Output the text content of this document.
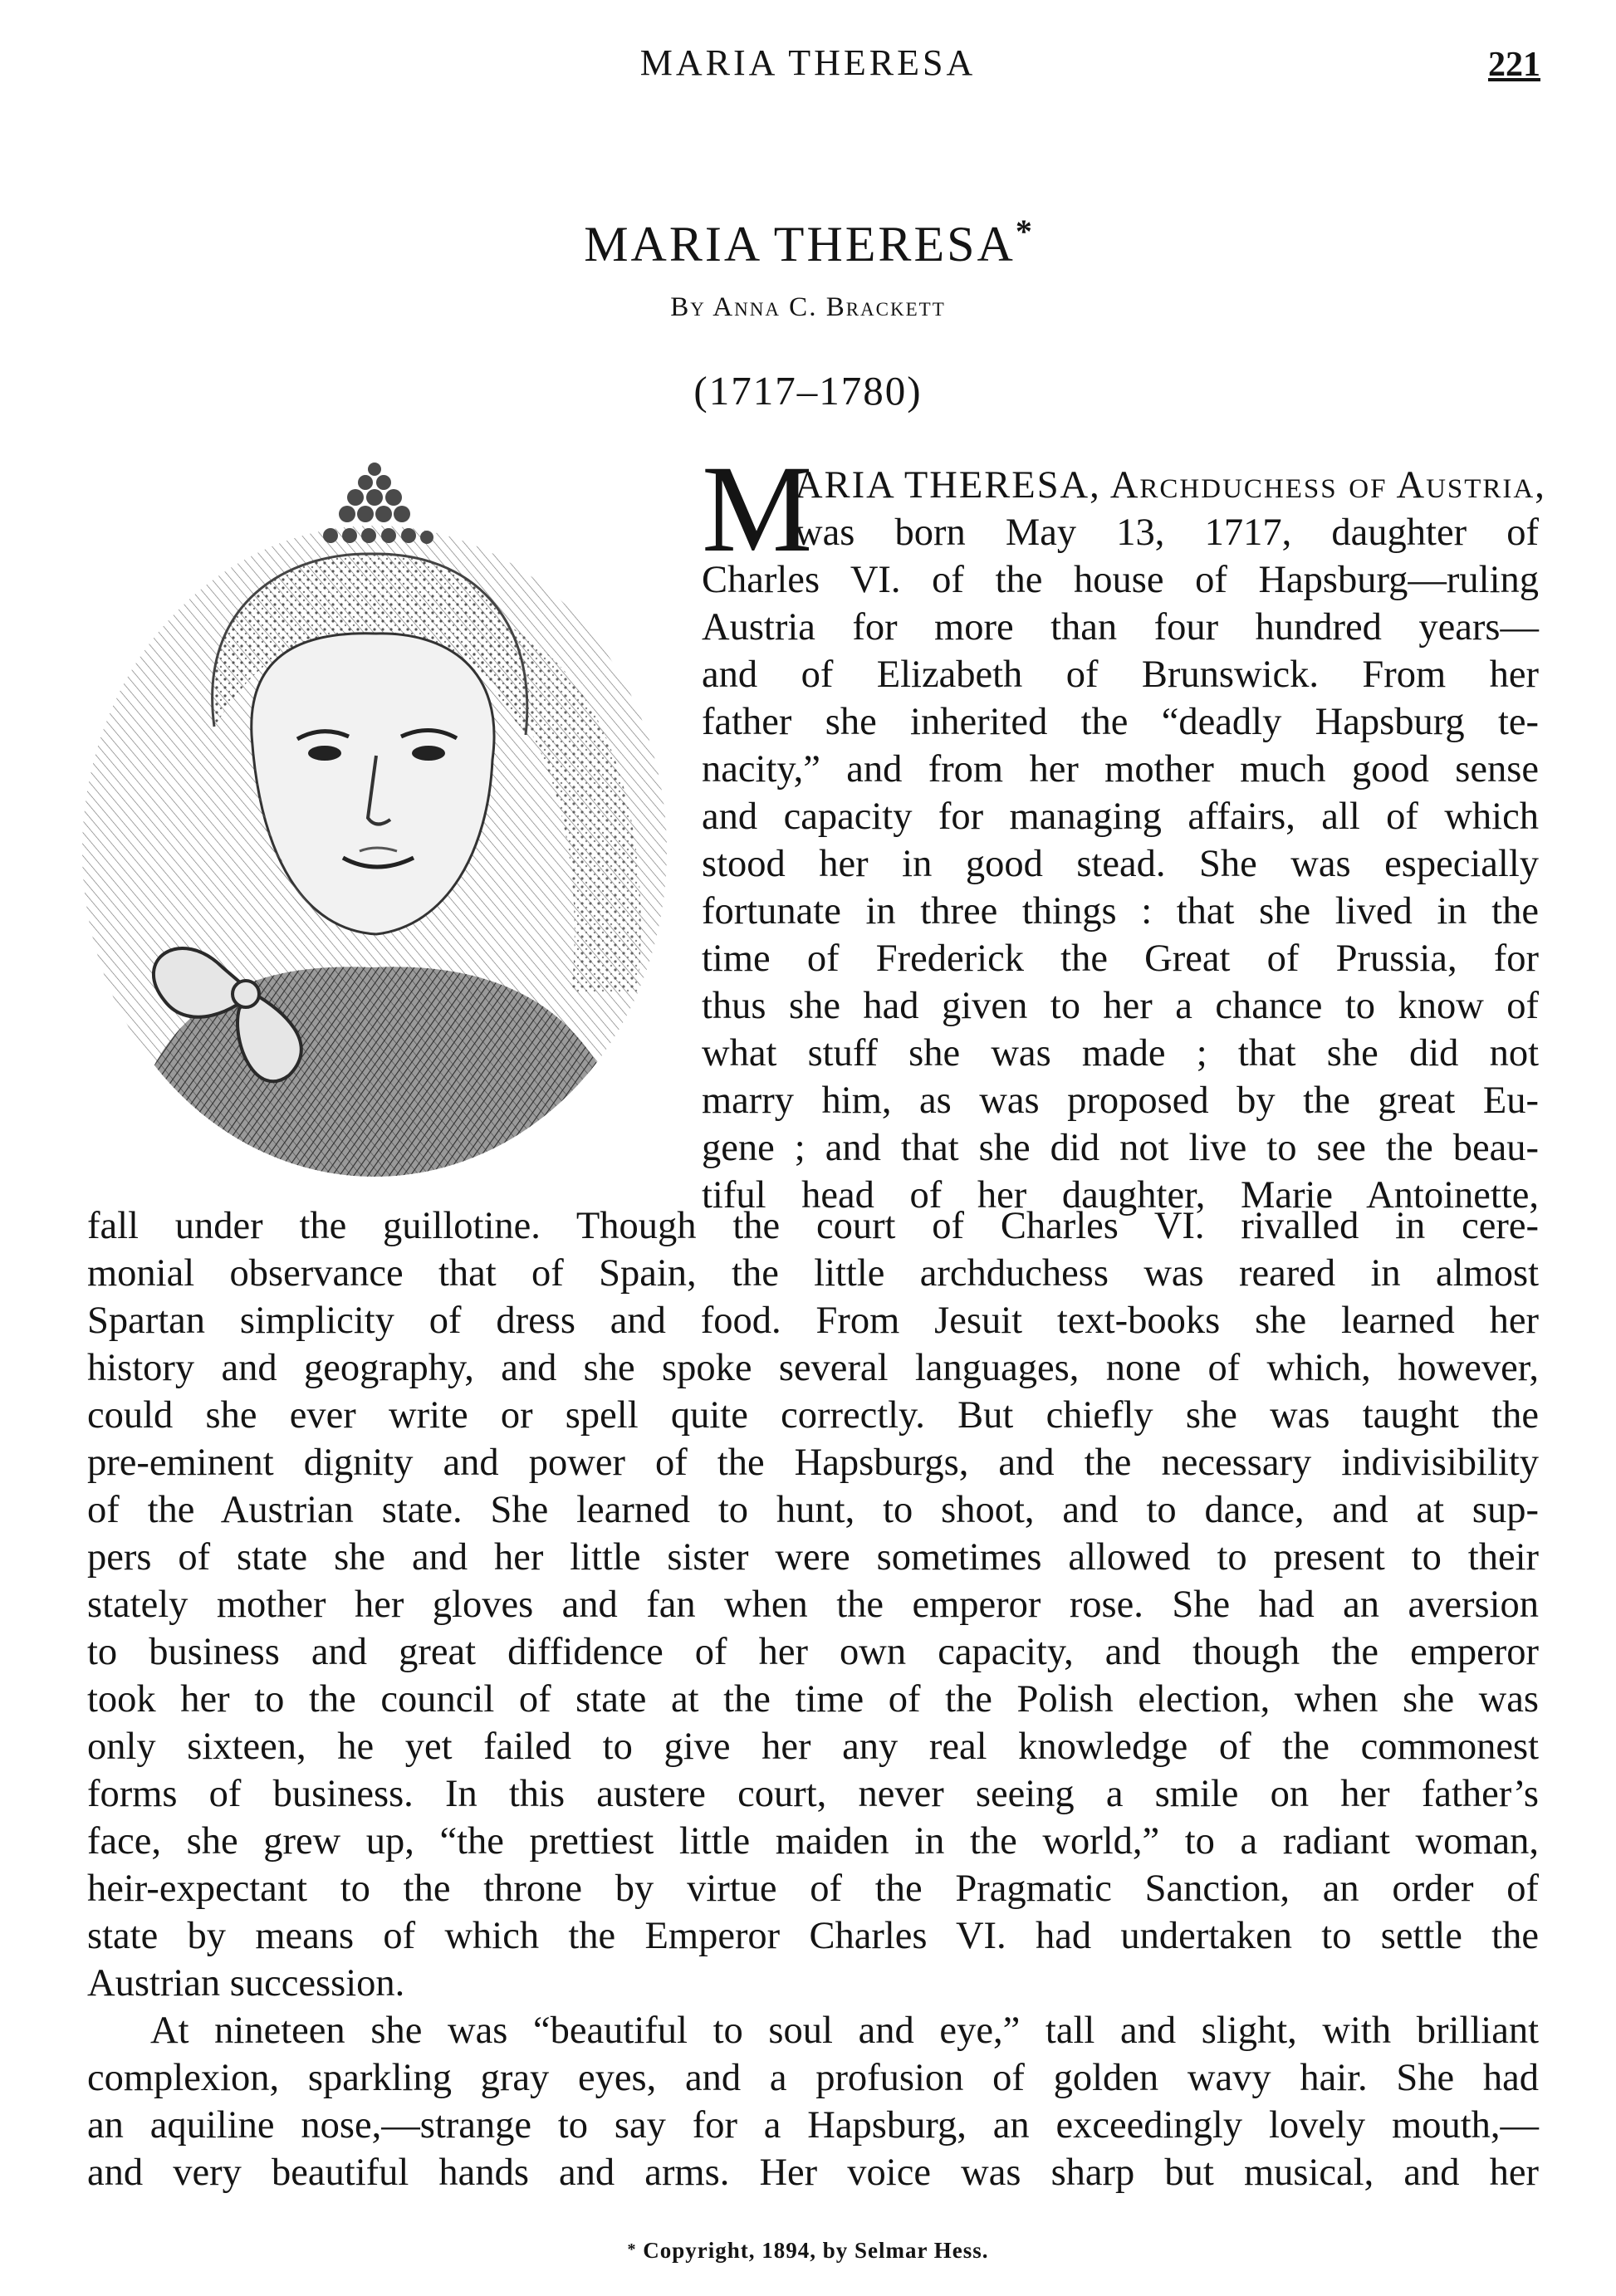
MARIA THERESA	221
MARIA THERESA*
By Anna C. Brackett
(1717–1780)
M
ARIA THERESA, Archduchess of Austria,
was born May 13, 1717, daughter of
Charles VI. of the house of Hapsburg—ruling
Austria for more than four hundred years—
and of Elizabeth of Brunswick. From her
father she inherited the “deadly Hapsburg te-
nacity,” and from her mother much good sense
and capacity for managing affairs, all of which
stood her in good stead. She was especially
fortunate in three things : that she lived in the
time of Frederick the Great of Prussia, for
thus she had given to her a chance to know of
what stuff she was made ; that she did not
marry him, as was proposed by the great Eu-
gene ; and that she did not live to see the beau-
tiful head of her daughter, Marie Antoinette,
fall under the guillotine. Though the court of Charles VI. rivalled in cere-
monial observance that of Spain, the little archduchess was reared in almost
Spartan simplicity of dress and food. From Jesuit text-books she learned her
history and geography, and she spoke several languages, none of which, however,
could she ever write or spell quite correctly. But chiefly she was taught the
pre-eminent dignity and power of the Hapsburgs, and the necessary indivisibility
of the Austrian state. She learned to hunt, to shoot, and to dance, and at sup-
pers of state she and her little sister were sometimes allowed to present to their
stately mother her gloves and fan when the emperor rose. She had an aversion
to business and great diffidence of her own capacity, and though the emperor
took her to the council of state at the time of the Polish election, when she was
only sixteen, he yet failed to give her any real knowledge of the commonest
forms of business. In this austere court, never seeing a smile on her father’s
face, she grew up, “the prettiest little maiden in the world,” to a radiant woman,
heir-expectant to the throne by virtue of the Pragmatic Sanction, an order of
state by means of which the Emperor Charles VI. had undertaken to settle the
Austrian succession.
At nineteen she was “beautiful to soul and eye,” tall and slight, with brilliant
complexion, sparkling gray eyes, and a profusion of golden wavy hair. She had
an aquiline nose,—strange to say for a Hapsburg, an exceedingly lovely mouth,—
and very beautiful hands and arms. Her voice was sharp but musical, and her
* Copyright, 1894, by Selmar Hess.
